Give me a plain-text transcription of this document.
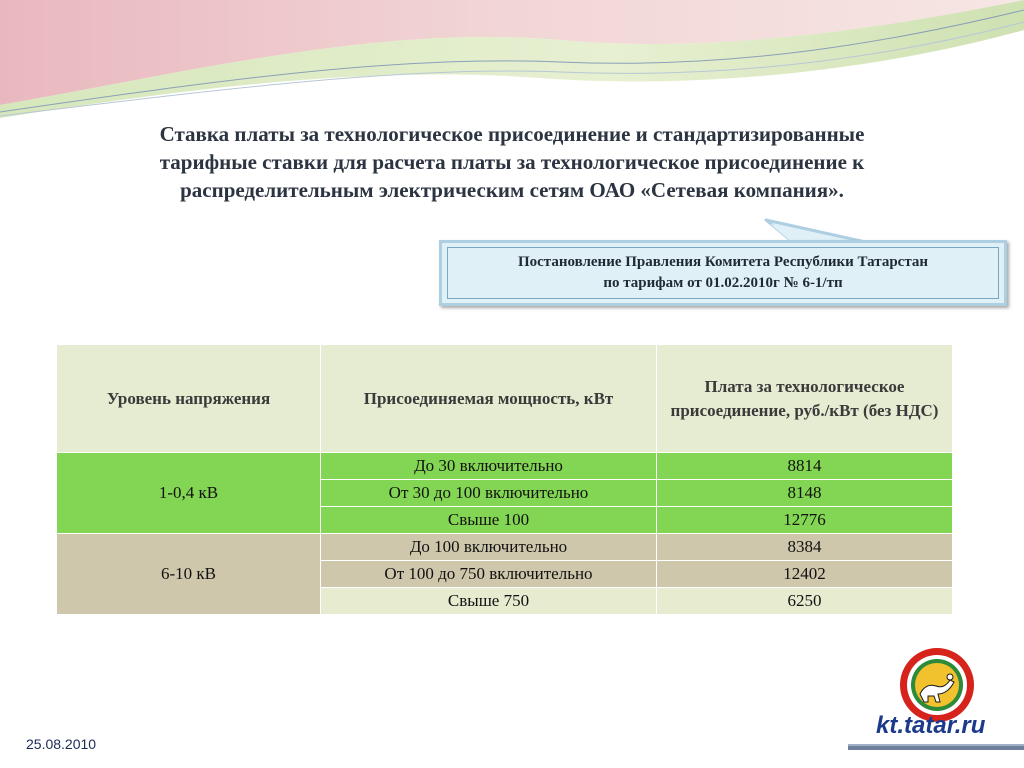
Ставка платы за технологическое присоединение и стандартизированные
тарифные ставки для расчета платы за технологическое присоединение к
распределительным электрическим сетям ОАО «Сетевая компания».
Постановление Правления Комитета Республики Татарстан
по тарифам от 01.02.2010г № 6-1/тп
Уровень напряжения	Присоединяемая мощность, кВт	Плата за технологическое присоединение, руб./кВт (без НДС)
1-0,4 кВ	До 30 включительно	8814
	От 30 до 100 включительно	8148
	Свыше 100	12776
6-10 кВ	До 100 включительно	8384
	От 100 до 750 включительно	12402
	Свыше 750	6250
kt.tatar.ru
25.08.2010
